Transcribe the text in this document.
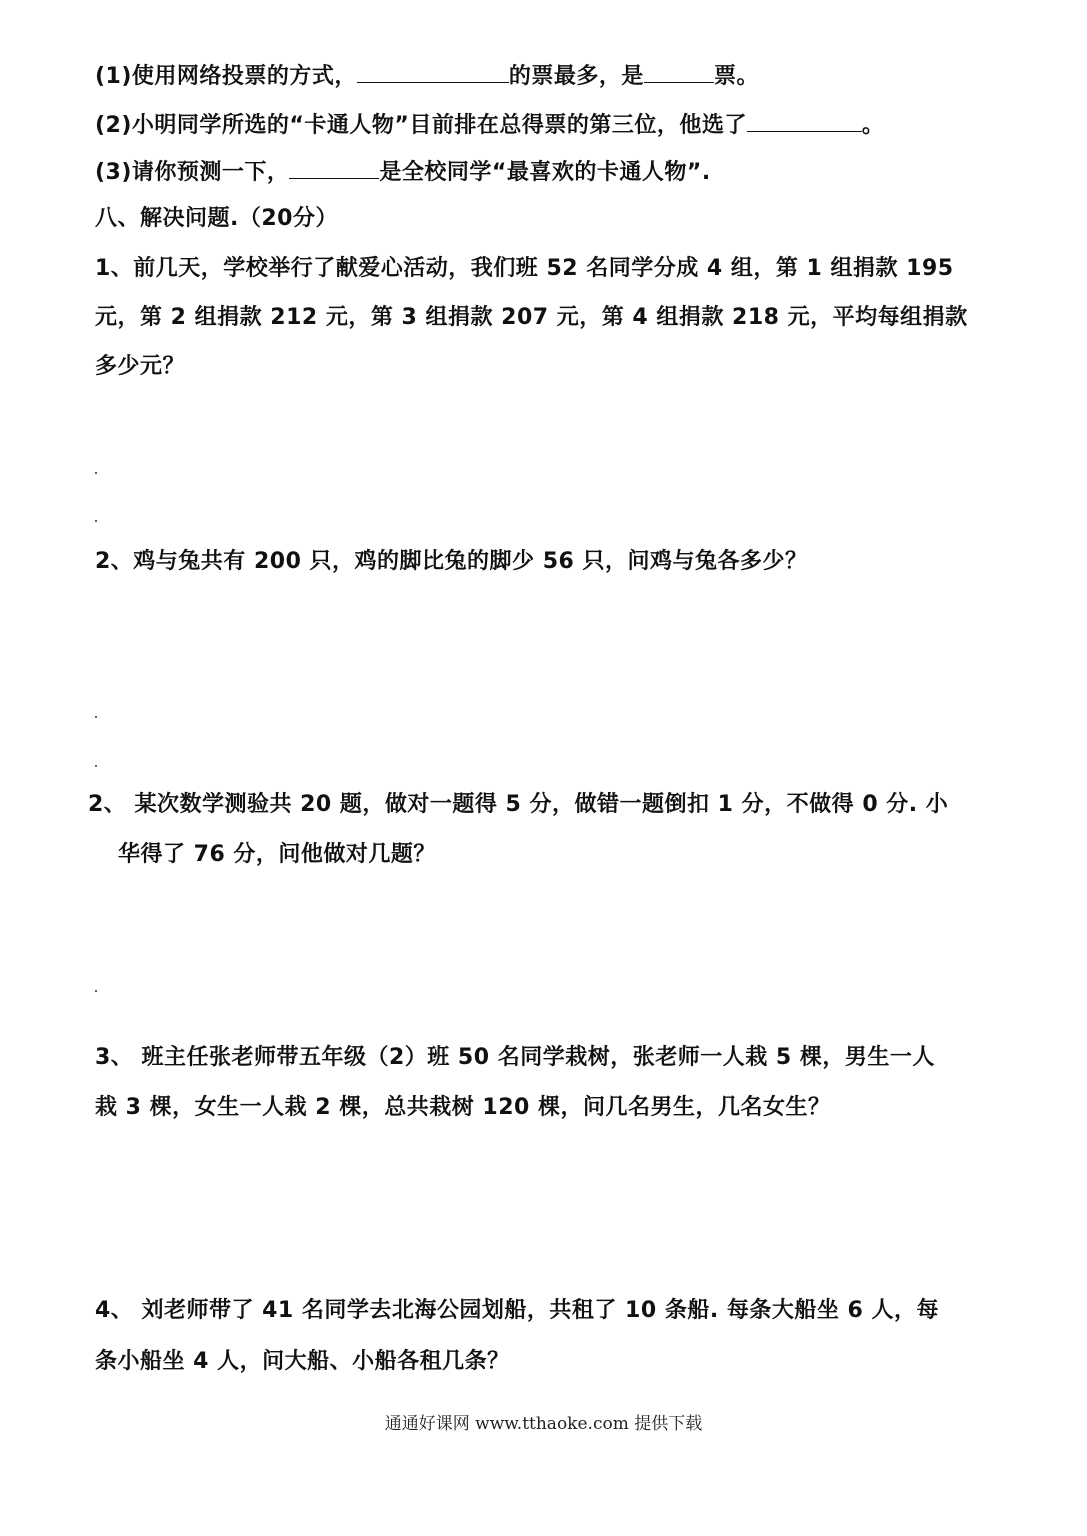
(1)使用网络投票的方式，	的票最多，是	票。
(2)小明同学所选的“卡通人物”目前排在总得票的第三位，他选了	。
(3)请你预测一下，	是全校同学“最喜欢的卡通人物”.
八、解决问题.（20分）
1、前几天，学校举行了献爱心活动，我们班 52 名同学分成 4 组，第 1 组捐款 195
元，第 2 组捐款 212 元，第 3 组捐款 207 元，第 4 组捐款 218 元，平均每组捐款
多少元？
2、鸡与兔共有 200 只，鸡的脚比兔的脚少 56 只，问鸡与兔各多少？
2、 某次数学测验共 20 题，做对一题得 5 分，做错一题倒扣 1 分，不做得 0 分. 小
华得了 76 分，问他做对几题？
3、 班主任张老师带五年级（2）班 50 名同学栽树，张老师一人栽 5 棵，男生一人
栽 3 棵，女生一人栽 2 棵，总共栽树 120 棵，问几名男生，几名女生？
4、 刘老师带了 41 名同学去北海公园划船，共租了 10 条船. 每条大船坐 6 人，每
条小船坐 4 人，问大船、小船各租几条？
通通好课网 www.tthaoke.com 提供下载
